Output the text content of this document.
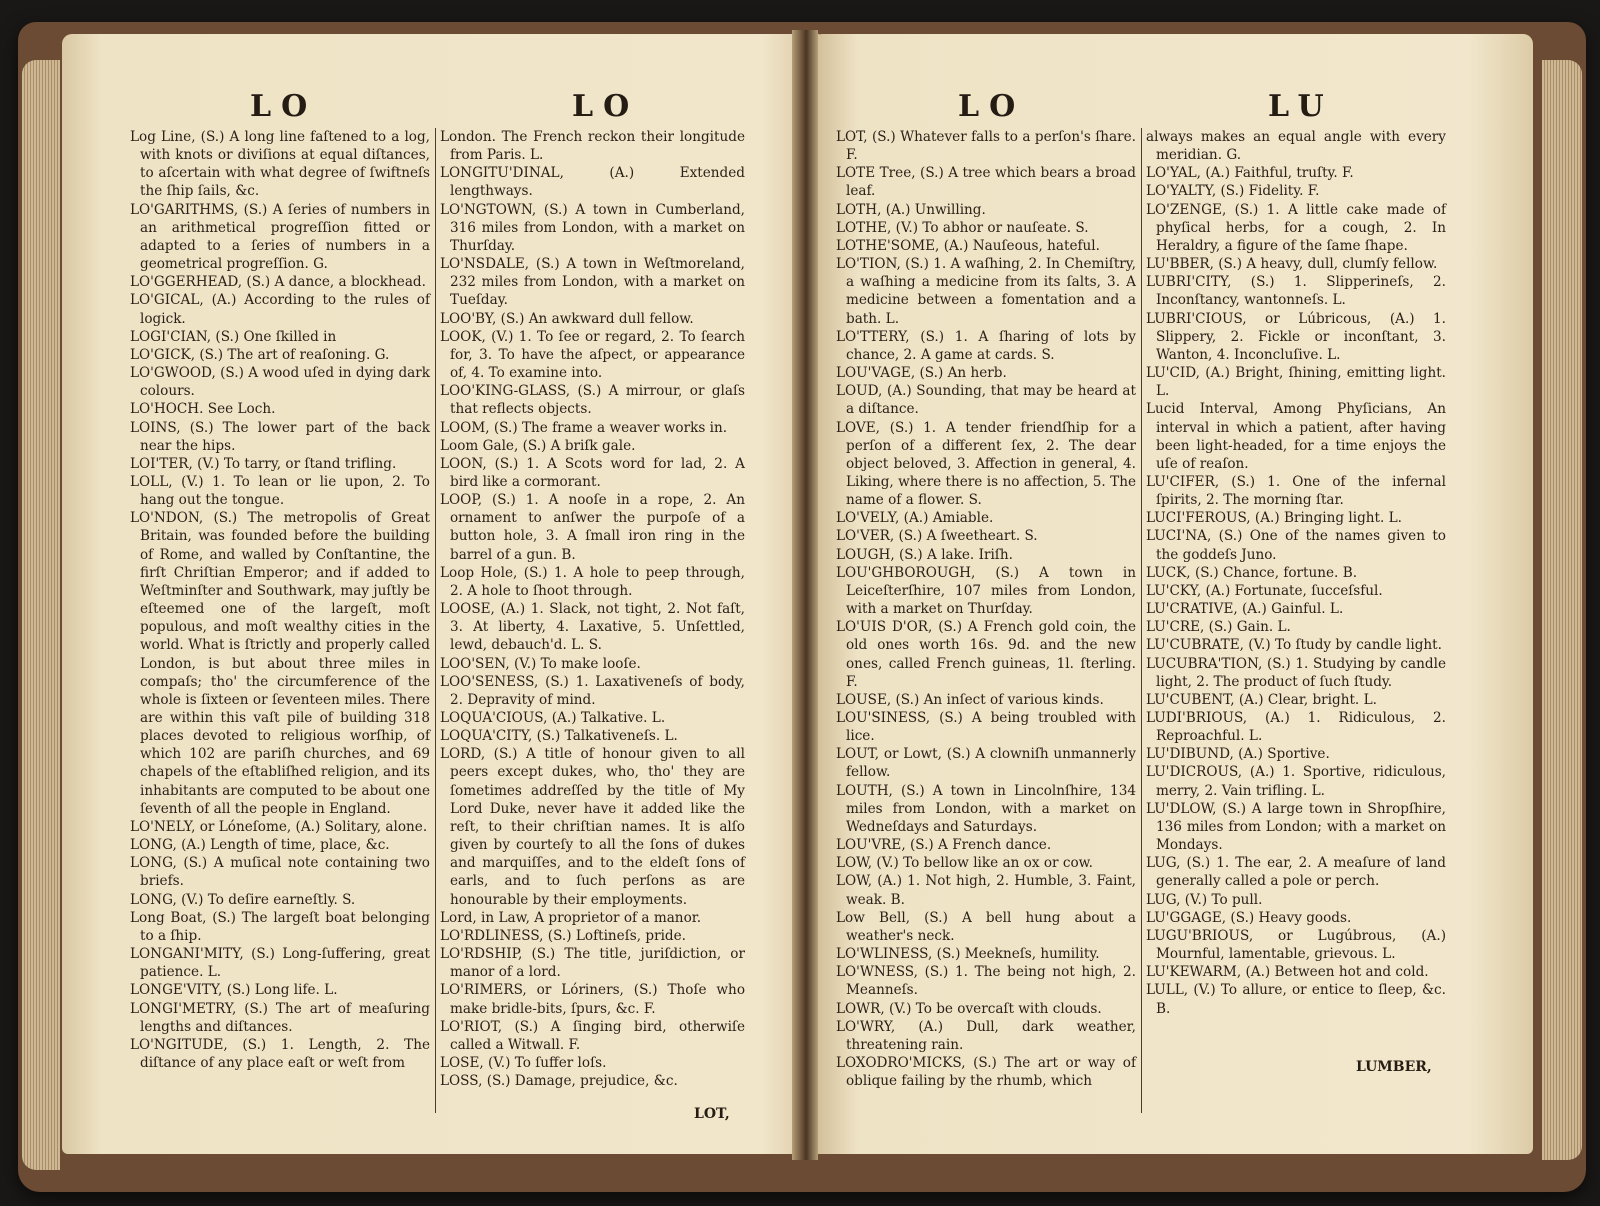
LO	LO

Log Line, (S.) A long line faſtened to a log, with knots or diviſions at equal diſtances, to aſcertain with what degree of ſwiftneſs the ſhip ſails, &c.

LO'GARITHMS, (S.) A ſeries of numbers in an arithmetical progreſſion fitted or adapted to a ſeries of numbers in a geometrical progreſſion. G.

LO'GGERHEAD, (S.) A dance, a blockhead.

LO'GICAL, (A.) According to the rules of logick.

LOGI'CIAN, (S.) One ſkilled in

LO'GICK, (S.) The art of reaſoning. G.

LO'GWOOD, (S.) A wood uſed in dying dark colours.

LO'HOCH. See Loch.

LOINS, (S.) The lower part of the back near the hips.

LOI'TER, (V.) To tarry, or ſtand trifling.

LOLL, (V.) 1. To lean or lie upon, 2. To hang out the tongue.

LO'NDON, (S.) The metropolis of Great Britain, was founded before the building of Rome, and walled by Conſtantine, the firſt Chriſtian Emperor; and if added to Weſtminſter and Southwark, may juſtly be eſteemed one of the largeſt, moſt populous, and moſt wealthy cities in the world. What is ſtrictly and properly called London, is but about three miles in compaſs; tho' the circumference of the whole is ſixteen or ſeventeen miles. There are within this vaſt pile of building 318 places devoted to religious worſhip, of which 102 are pariſh churches, and 69 chapels of the eſtabliſhed religion, and its inhabitants are computed to be about one ſeventh of all the people in England.

LO'NELY, or Lóneſome, (A.) Solitary, alone.

LONG, (A.) Length of time, place, &c.

LONG, (S.) A muſical note containing two briefs.

LONG, (V.) To deſire earneſtly. S.

Long Boat, (S.) The largeſt boat belonging to a ſhip.

LONGANI'MITY, (S.) Long-ſuffering, great patience. L.

LONGE'VITY, (S.) Long life. L.

LONGI'METRY, (S.) The art of meaſuring lengths and diſtances.

LO'NGITUDE, (S.) 1. Length, 2. The diſtance of any place eaſt or weſt from

London. The French reckon their longitude from Paris. L.

LONGITU'DINAL, (A.) Extended lengthways.

LO'NGTOWN, (S.) A town in Cumberland, 316 miles from London, with a market on Thurſday.

LO'NSDALE, (S.) A town in Weſtmoreland, 232 miles from London, with a market on Tueſday.

LOO'BY, (S.) An awkward dull fellow.

LOOK, (V.) 1. To ſee or regard, 2. To ſearch for, 3. To have the aſpect, or appearance of, 4. To examine into.

LOO'KING-GLASS, (S.) A mirrour, or glaſs that reflects objects.

LOOM, (S.) The frame a weaver works in.

Loom Gale, (S.) A briſk gale.

LOON, (S.) 1. A Scots word for lad, 2. A bird like a cormorant.

LOOP, (S.) 1. A nooſe in a rope, 2. An ornament to anſwer the purpoſe of a button hole, 3. A ſmall iron ring in the barrel of a gun. B.

Loop Hole, (S.) 1. A hole to peep through, 2. A hole to ſhoot through.

LOOSE, (A.) 1. Slack, not tight, 2. Not faſt, 3. At liberty, 4. Laxative, 5. Unſettled, lewd, debauch'd. L. S.

LOO'SEN, (V.) To make looſe.

LOO'SENESS, (S.) 1. Laxativeneſs of body, 2. Depravity of mind.

LOQUA'CIOUS, (A.) Talkative. L.

LOQUA'CITY, (S.) Talkativeneſs. L.

LORD, (S.) A title of honour given to all peers except dukes, who, tho' they are ſometimes addreſſed by the title of My Lord Duke, never have it added like the reſt, to their chriſtian names. It is alſo given by courteſy to all the ſons of dukes and marquiſſes, and to the eldeſt ſons of earls, and to ſuch perſons as are honourable by their employments.

Lord, in Law, A proprietor of a manor.

LO'RDLINESS, (S.) Loftineſs, pride.

LO'RDSHIP, (S.) The title, juriſdiction, or manor of a lord.

LO'RIMERS, or Lóriners, (S.) Thoſe who make bridle-bits, ſpurs, &c. F.

LO'RIOT, (S.) A ſinging bird, otherwiſe called a Witwall. F.

LOSE, (V.) To ſuffer loſs.

LOSS, (S.) Damage, prejudice, &c.

LOT,
LO	LU

LOT, (S.) Whatever falls to a perſon's ſhare. F.

LOTE Tree, (S.) A tree which bears a broad leaf.

LOTH, (A.) Unwilling.

LOTHE, (V.) To abhor or nauſeate. S.

LOTHE'SOME, (A.) Nauſeous, hateful.

LO'TION, (S.) 1. A waſhing, 2. In Chemiſtry, a waſhing a medicine from its ſalts, 3. A medicine between a fomentation and a bath. L.

LO'TTERY, (S.) 1. A ſharing of lots by chance, 2. A game at cards. S.

LOU'VAGE, (S.) An herb.

LOUD, (A.) Sounding, that may be heard at a diſtance.

LOVE, (S.) 1. A tender friendſhip for a perſon of a different ſex, 2. The dear object beloved, 3. Affection in general, 4. Liking, where there is no affection, 5. The name of a flower. S.

LO'VELY, (A.) Amiable.

LO'VER, (S.) A ſweetheart. S.

LOUGH, (S.) A lake. Iriſh.

LOU'GHBOROUGH, (S.) A town in Leiceſterſhire, 107 miles from London, with a market on Thurſday.

LO'UIS D'OR, (S.) A French gold coin, the old ones worth 16s. 9d. and the new ones, called French guineas, 1l. ſterling. F.

LOUSE, (S.) An inſect of various kinds.

LOU'SINESS, (S.) A being troubled with lice.

LOUT, or Lowt, (S.) A clowniſh unmannerly fellow.

LOUTH, (S.) A town in Lincolnſhire, 134 miles from London, with a market on Wedneſdays and Saturdays.

LOU'VRE, (S.) A French dance.

LOW, (V.) To bellow like an ox or cow.

LOW, (A.) 1. Not high, 2. Humble, 3. Faint, weak. B.

Low Bell, (S.) A bell hung about a weather's neck.

LO'WLINESS, (S.) Meekneſs, humility.

LO'WNESS, (S.) 1. The being not high, 2. Meanneſs.

LOWR, (V.) To be overcaſt with clouds.

LO'WRY, (A.) Dull, dark weather, threatening rain.

LOXODRO'MICKS, (S.) The art or way of oblique failing by the rhumb, which

always makes an equal angle with every meridian. G.

LO'YAL, (A.) Faithful, truſty. F.

LO'YALTY, (S.) Fidelity. F.

LO'ZENGE, (S.) 1. A little cake made of phyſical herbs, for a cough, 2. In Heraldry, a figure of the ſame ſhape.

LU'BBER, (S.) A heavy, dull, clumſy fellow.

LUBRI'CITY, (S.) 1. Slipperineſs, 2. Inconſtancy, wantonneſs. L.

LUBRI'CIOUS, or Lúbricous, (A.) 1. Slippery, 2. Fickle or inconſtant, 3. Wanton, 4. Inconcluſive. L.

LU'CID, (A.) Bright, ſhining, emitting light. L.

Lucid Interval, Among Phyſicians, An interval in which a patient, after having been light-headed, for a time enjoys the uſe of reaſon.

LU'CIFER, (S.) 1. One of the infernal ſpirits, 2. The morning ſtar.

LUCI'FEROUS, (A.) Bringing light. L.

LUCI'NA, (S.) One of the names given to the goddeſs Juno.

LUCK, (S.) Chance, fortune. B.

LU'CKY, (A.) Fortunate, ſucceſsful.

LU'CRATIVE, (A.) Gainful. L.

LU'CRE, (S.) Gain. L.

LU'CUBRATE, (V.) To ſtudy by candle light.

LUCUBRA'TION, (S.) 1. Studying by candle light, 2. The product of ſuch ſtudy.

LU'CUBENT, (A.) Clear, bright. L.

LUDI'BRIOUS, (A.) 1. Ridiculous, 2. Reproachful. L.

LU'DIBUND, (A.) Sportive.

LU'DICROUS, (A.) 1. Sportive, ridiculous, merry, 2. Vain trifling. L.

LU'DLOW, (S.) A large town in Shropſhire, 136 miles from London; with a market on Mondays.

LUG, (S.) 1. The ear, 2. A meaſure of land generally called a pole or perch.

LUG, (V.) To pull.

LU'GGAGE, (S.) Heavy goods.

LUGU'BRIOUS, or Lugúbrous, (A.) Mournful, lamentable, grievous. L.

LU'KEWARM, (A.) Between hot and cold.

LULL, (V.) To allure, or entice to ſleep, &c. B.

LUMBER,
